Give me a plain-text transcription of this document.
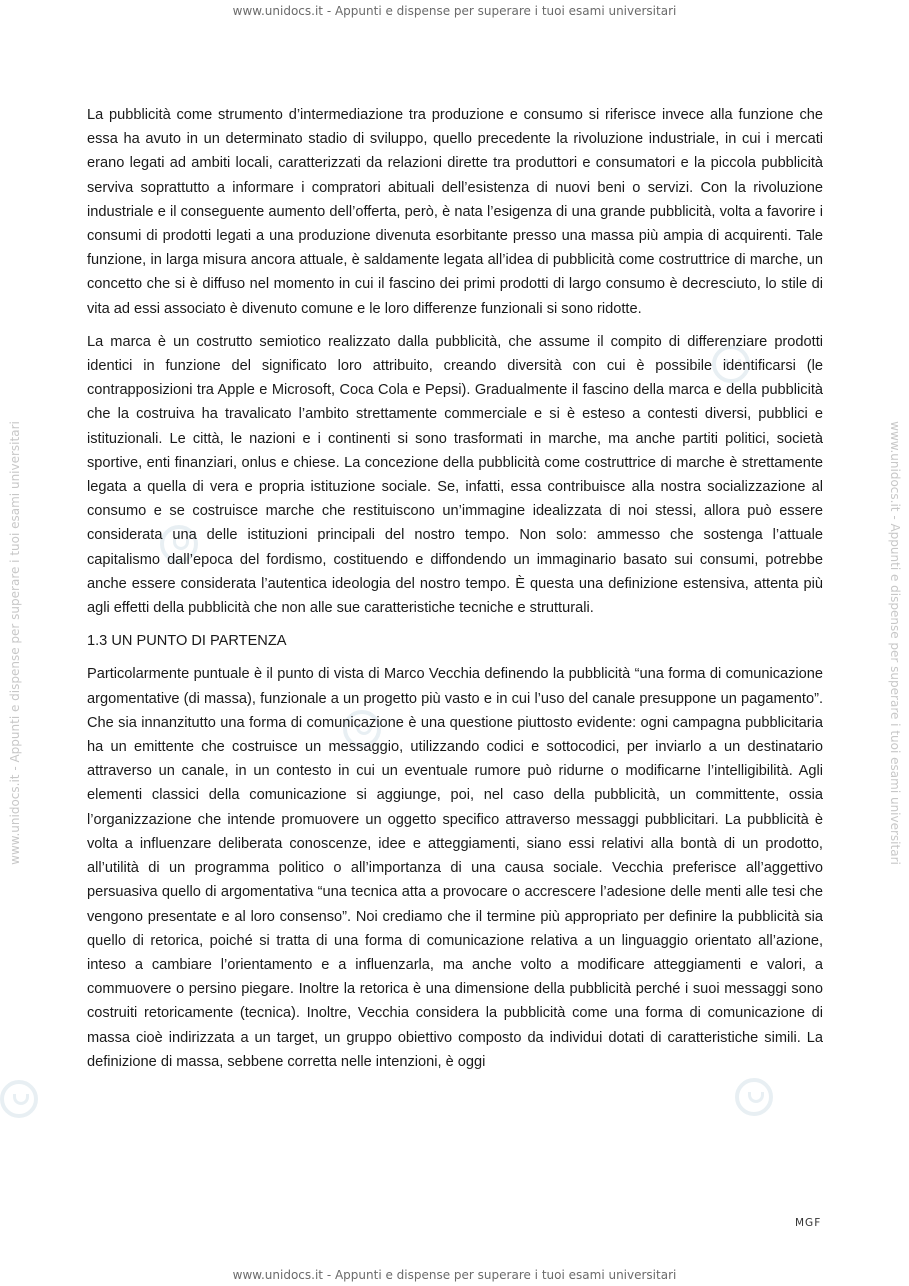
www.unidocs.it - Appunti e dispense per superare i tuoi esami universitari
www.unidocs.it - Appunti e dispense per superare i tuoi esami universitari	www.unidocs.it - Appunti e dispense per superare i tuoi esami universitari

La pubblicità come strumento d’intermediazione tra produzione e consumo si riferisce invece alla funzione che essa ha avuto in un determinato stadio di sviluppo, quello precedente la rivoluzione industriale, in cui i mercati erano legati ad ambiti locali, caratterizzati da relazioni dirette tra produttori e consumatori e la piccola pubblicità serviva soprattutto a informare i compratori abituali dell’esistenza di nuovi beni o servizi. Con la rivoluzione industriale e il conseguente aumento dell’offerta, però, è nata l’esigenza di una grande pubblicità, volta a favorire i consumi di prodotti legati a una produzione divenuta esorbitante presso una massa più ampia di acquirenti. Tale funzione, in larga misura ancora attuale, è saldamente legata all’idea di pubblicità come costruttrice di marche, un concetto che si è diffuso nel momento in cui il fascino dei primi prodotti di largo consumo è decresciuto, lo stile di vita ad essi associato è divenuto comune e le loro differenze funzionali si sono ridotte.

La marca è un costrutto semiotico realizzato dalla pubblicità, che assume il compito di differenziare prodotti identici in funzione del significato loro attribuito, creando diversità con cui è possibile identificarsi (le contrapposizioni tra Apple e Microsoft, Coca Cola e Pepsi). Gradualmente il fascino della marca e della pubblicità che la costruiva ha travalicato l’ambito strettamente commerciale e si è esteso a contesti diversi, pubblici e istituzionali. Le città, le nazioni e i continenti si sono trasformati in marche, ma anche partiti politici, società sportive, enti finanziari, onlus e chiese. La concezione della pubblicità come costruttrice di marche è strettamente legata a quella di vera e propria istituzione sociale. Se, infatti, essa contribuisce alla nostra socializzazione al consumo e se costruisce marche che restituiscono un’immagine idealizzata di noi stessi, allora può essere considerata una delle istituzioni principali del nostro tempo. Non solo: ammesso che sostenga l’attuale capitalismo dall’epoca del fordismo, costituendo e diffondendo un immaginario basato sui consumi, potrebbe anche essere considerata l’autentica ideologia del nostro tempo. È questa una definizione estensiva, attenta più agli effetti della pubblicità che non alle sue caratteristiche tecniche e strutturali.

1.3 UN PUNTO DI PARTENZA

Particolarmente puntuale è il punto di vista di Marco Vecchia definendo la pubblicità “una forma di comunicazione argomentative (di massa), funzionale a un progetto più vasto e in cui l’uso del canale presuppone un pagamento”. Che sia innanzitutto una forma di comunicazione è una questione piuttosto evidente: ogni campagna pubblicitaria ha un emittente che costruisce un messaggio, utilizzando codici e sottocodici, per inviarlo a un destinatario attraverso un canale, in un contesto in cui un eventuale rumore può ridurne o modificarne l’intelligibilità. Agli elementi classici della comunicazione si aggiunge, poi, nel caso della pubblicità, un committente, ossia l’organizzazione che intende promuovere un oggetto specifico attraverso messaggi pubblicitari. La pubblicità è volta a influenzare deliberata conoscenze, idee e atteggiamenti, siano essi relativi alla bontà di un prodotto, all’utilità di un programma politico o all’importanza di una causa sociale. Vecchia preferisce all’aggettivo persuasiva quello di argomentativa “una tecnica atta a provocare o accrescere l’adesione delle menti alle tesi che vengono presentate e al loro consenso”. Noi crediamo che il termine più appropriato per definire la pubblicità sia quello di retorica, poiché si tratta di una forma di comunicazione relativa a un linguaggio orientato all’azione, inteso a cambiare l’orientamento e a influenzarla, ma anche volto a modificare atteggiamenti e valori, a commuovere o persino piegare. Inoltre la retorica è una dimensione della pubblicità perché i suoi messaggi sono costruiti retoricamente (tecnica). Inoltre, Vecchia considera la pubblicità come una forma di comunicazione di massa cioè indirizzata a un target, un gruppo obiettivo composto da individui dotati di caratteristiche simili. La definizione di massa, sebbene corretta nelle intenzioni, è oggi

MGF
www.unidocs.it - Appunti e dispense per superare i tuoi esami universitari
